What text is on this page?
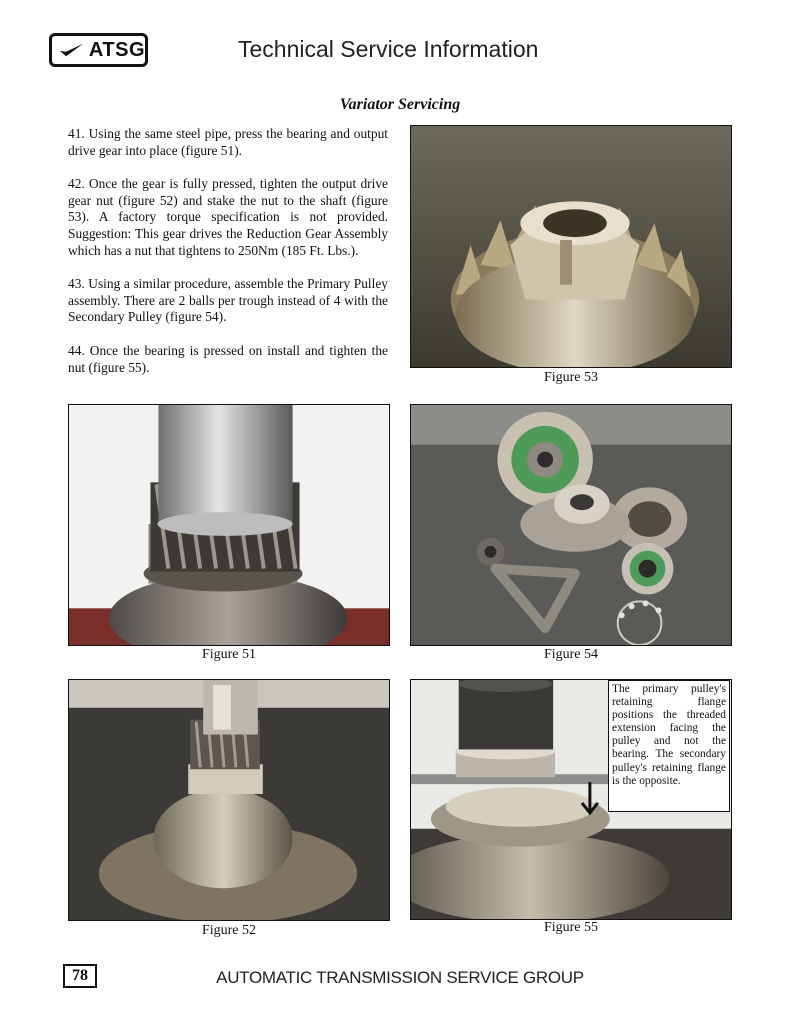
ATSG	Technical Service Information
Variator Servicing

41. Using the same steel pipe, press the bearing and output drive gear into place (figure 51).

42. Once the gear is fully pressed, tighten the output drive gear nut (figure 52) and stake the nut to the shaft (figure 53). A factory torque specification is not provided. Suggestion: This gear drives the Reduction Gear Assembly which has a nut that tightens to 250Nm (185 Ft. Lbs.).

43. Using a similar procedure, assemble the Primary Pulley assembly. There are 2 balls per trough instead of 4 with the Secondary Pulley (figure 54).

44. Once the bearing is pressed on install and tighten the nut (figure 55).

Figure 53
Figure 51	Figure 54
Figure 52
The primary pulley's retaining flange positions the threaded extension facing the pulley and not the bearing. The secondary pulley's retaining flange is the opposite.
Figure 55
78	AUTOMATIC TRANSMISSION SERVICE GROUP
